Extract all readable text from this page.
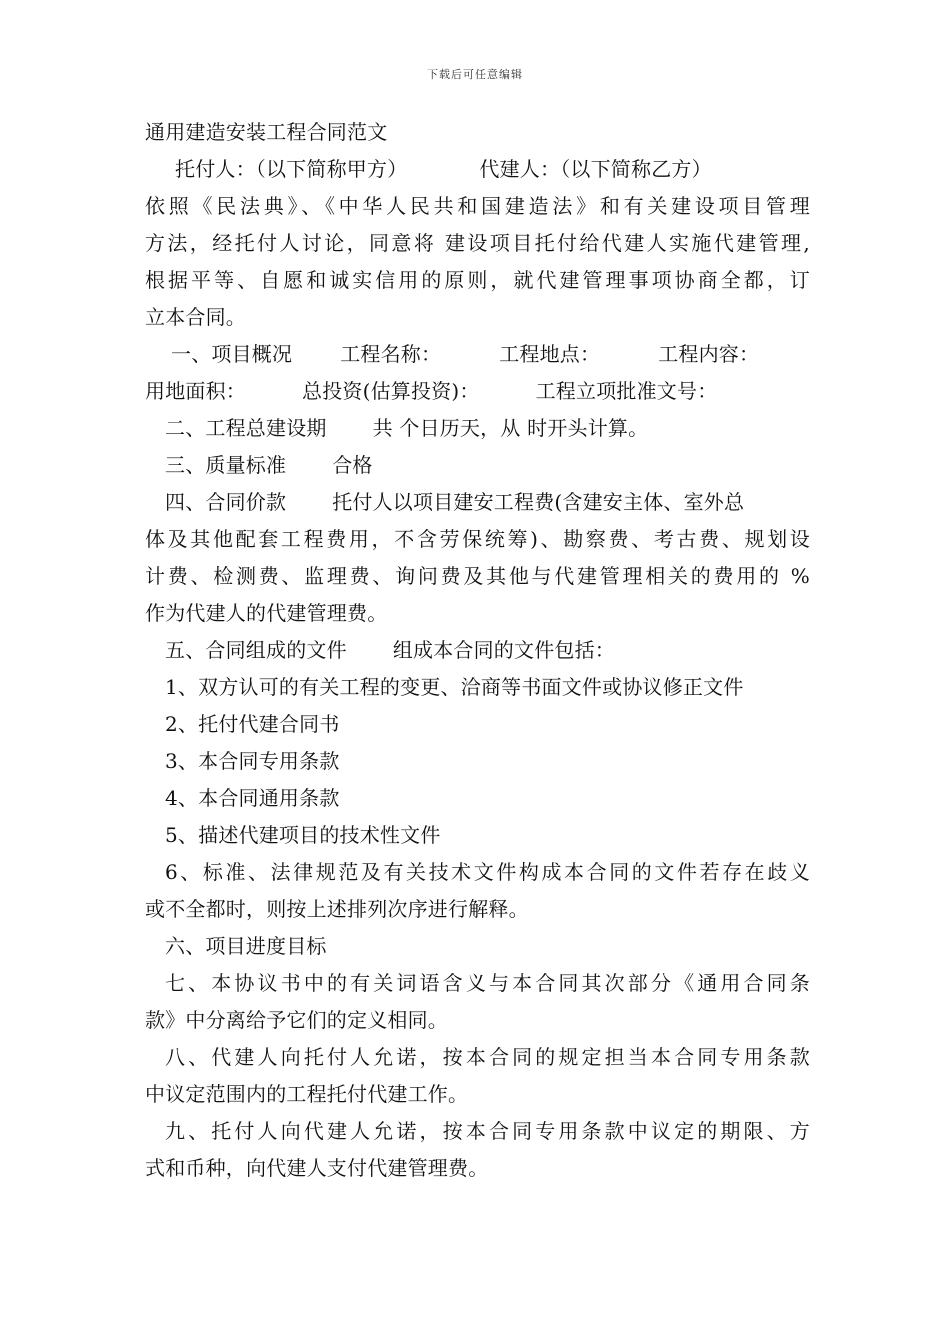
下载后可任意编辑
通用建造安装工程合同范文
托付人：（以下简称甲方）	代建人：（以下简称乙方）
依照《民法典》、《中华人民共和国建造法》和有关建设项目管理
方法，经托付人讨论，同意将 建设项目托付给代建人实施代建管理,
根据平等、自愿和诚实信用的原则，就代建管理事项协商全都，订
立本合同。
一、项目概况 工程名称：	工程地点：	工程内容：
用地面积：	总投资(估算投资)：	工程立项批准文号：
二、工程总建设期 共 个日历天，从 时开头计算。
三、质量标准 合格
四、合同价款 托付人以项目建安工程费(含建安主体、室外总
体及其他配套工程费用，不含劳保统筹)、勘察费、考古费、规划设
计费、检测费、监理费、询问费及其他与代建管理相关的费用的 %
作为代建人的代建管理费。
五、合同组成的文件 组成本合同的文件包括：
1、双方认可的有关工程的变更、洽商等书面文件或协议修正文件
2、托付代建合同书
3、本合同专用条款
4、本合同通用条款
5、描述代建项目的技术性文件
6、标准、法律规范及有关技术文件构成本合同的文件若存在歧义
或不全都时，则按上述排列次序进行解释。
六、项目进度目标
七、本协议书中的有关词语含义与本合同其次部分《通用合同条
款》中分离给予它们的定义相同。
八、代建人向托付人允诺，按本合同的规定担当本合同专用条款
中议定范围内的工程托付代建工作。
九、托付人向代建人允诺，按本合同专用条款中议定的期限、方
式和币种，向代建人支付代建管理费。
